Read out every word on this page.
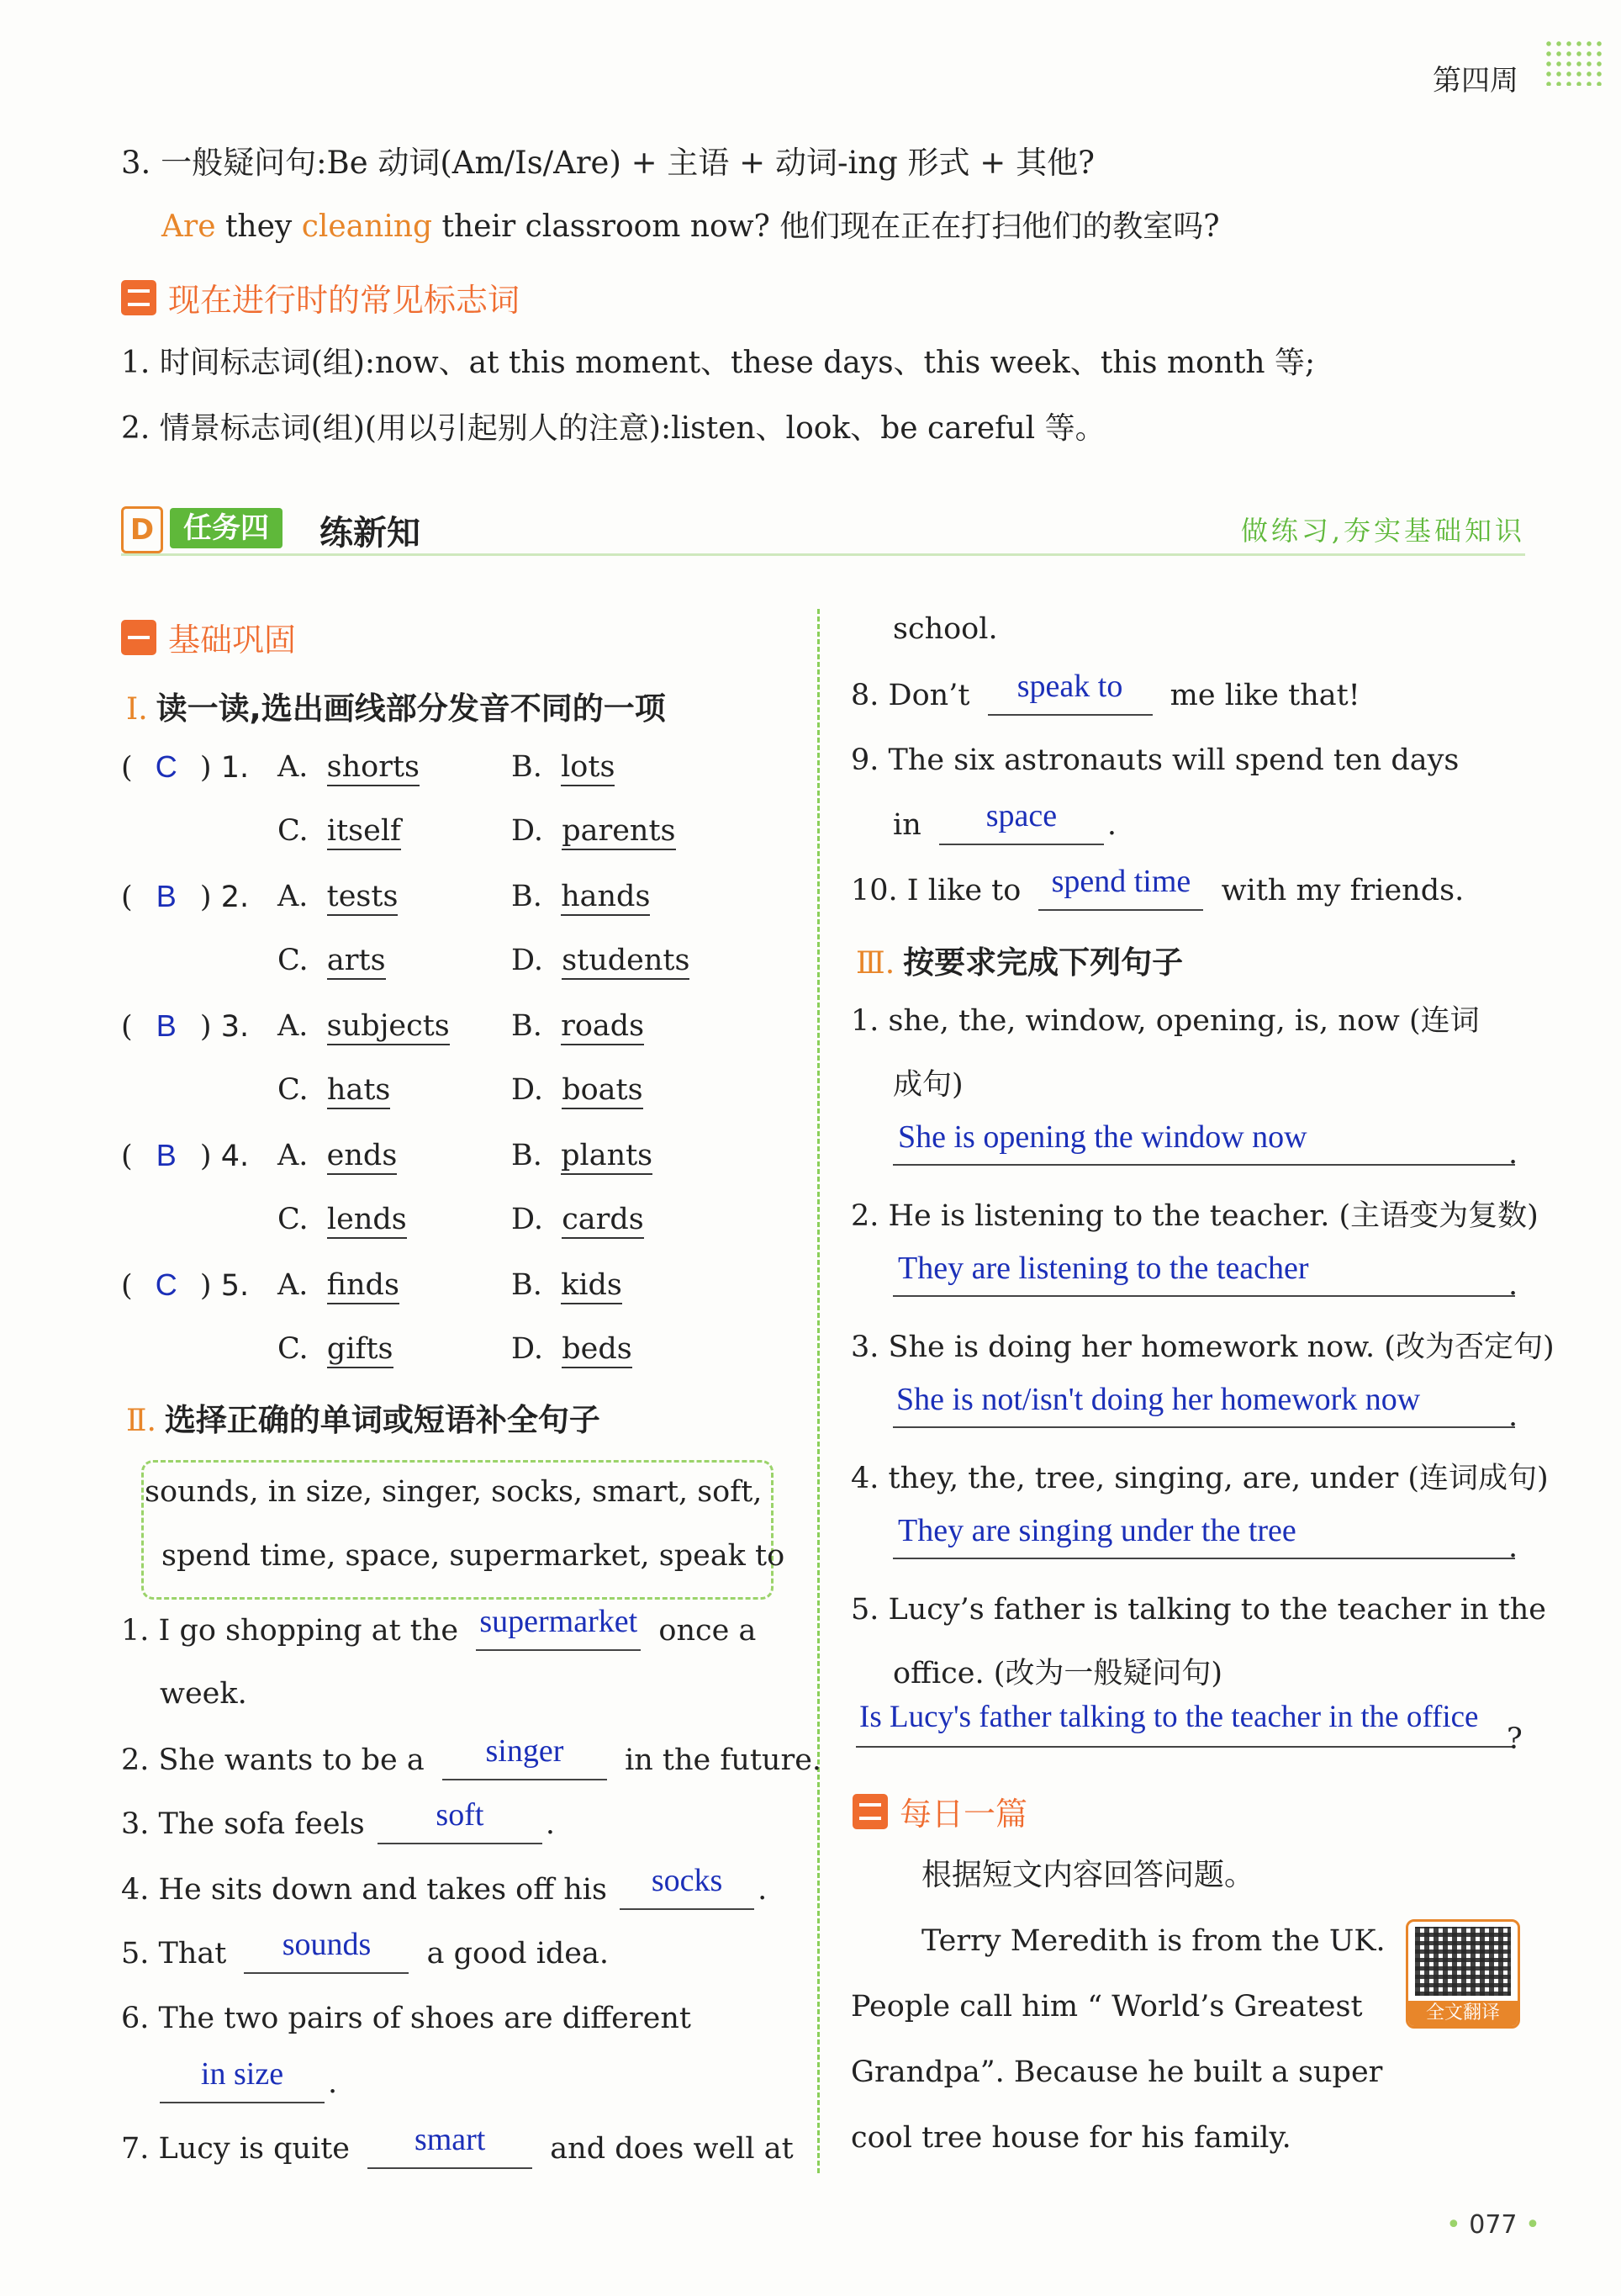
第四周
3. 一般疑问句:Be 动词(Am/Is/Are) + 主语 + 动词-ing 形式 + 其他?
Are they cleaning their classroom now? 他们现在正在打扫他们的教室吗?
现在进行时的常见标志词
1. 时间标志词(组):now、at this moment、these days、this week、this month 等;
2. 情景标志词(组)(用以引起别人的注意):listen、look、be careful 等。
D	任务四	练新知	做练习,夯实基础知识
基础巩固
Ⅰ. 读一读,选出画线部分发音不同的一项
( C ) 1. A.  shorts	B.  lots
C.  itself	D.  parents
( B ) 2. A.  tests	B.  hands
C.  arts	D.  students
( B ) 3. A.  subjects B.  roads
C.  hats	D.  boats
( B ) 4. A.  ends	B.  plants
C.  lends	D.  cards
( C ) 5. A.  finds	B.  kids
C.  gifts	D.  beds
Ⅱ. 选择正确的单词或短语补全句子
sounds, in size, singer, socks, smart, soft,
spend time, space, supermarket, speak to
1. I go shopping at the supermarket once a
week.
2. She wants to be a singer in the future.
3. The sofa feels soft .
4. He sits down and takes off his socks .
5. That sounds a good idea.
6. The two pairs of shoes are different
in size .
7. Lucy is quite smart and does well at
school.
8. Don’t speak to me like that!
9. The six astronauts will spend ten days
in space .
10. I like to spend time with my friends.
Ⅲ. 按要求完成下列句子
1. she, the, window, opening, is, now (连词
成句)
She is opening the window now	.
2. He is listening to the teacher. (主语变为复数)
They are listening to the teacher	.
3. She is doing her homework now. (改为否定句)
She is not/isn't doing her homework now	.
4. they, the, tree, singing, are, under (连词成句)
They are singing under the tree	.
5. Lucy’s father is talking to the teacher in the
office. (改为一般疑问句)
Is Lucy's father talking to the teacher in the office
?
每日一篇
根据短文内容回答问题。
Terry Meredith is from the UK.
People call him “ World’s Greatest
Grandpa”. Because he built a super
cool tree house for his family.
全文翻译
• 077 •
